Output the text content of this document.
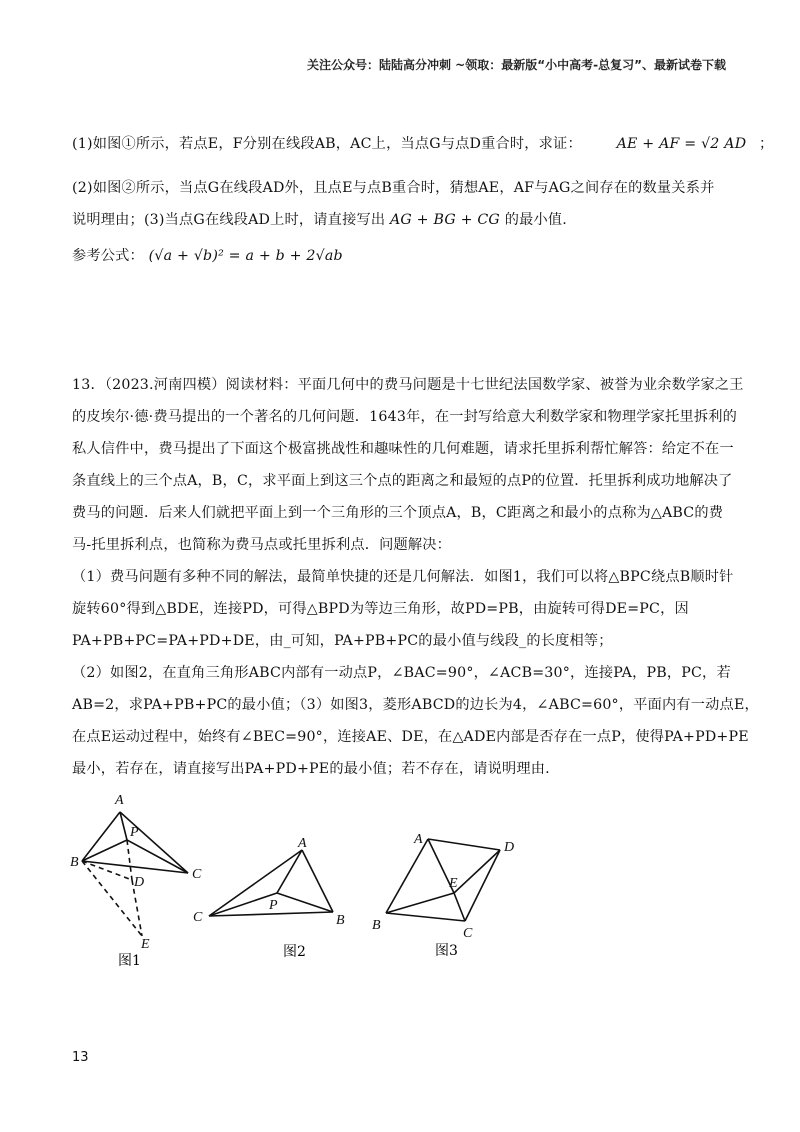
关注公众号：陆陆高分冲刺 ~领取：最新版“小中高考-总复习”、最新试卷下载
(1)如图①所示，若点E，F分别在线段AB，AC上，当点G与点D重合时，求证： AE + AF = √2 AD ；
(2)如图②所示，当点G在线段AD外，且点E与点B重合时，猜想AE，AF与AG之间存在的数量关系并
说明理由；(3)当点G在线段AD上时，请直接写出 AG + BG + CG 的最小值.
参考公式： (√a + √b)² = a + b + 2√ab
13．（2023.河南四模）阅读材料：平面几何中的费马问题是十七世纪法国数学家、被誉为业余数学家之王
的皮埃尔·德·费马提出的一个著名的几何问题．1643年，在一封写给意大利数学家和物理学家托里拆利的
私人信件中，费马提出了下面这个极富挑战性和趣味性的几何难题，请求托里拆利帮忙解答：给定不在一
条直线上的三个点A，B，C，求平面上到这三个点的距离之和最短的点P的位置．托里拆利成功地解决了
费马的问题．后来人们就把平面上到一个三角形的三个顶点A，B，C距离之和最小的点称为△ABC的费
马-托里拆利点，也简称为费马点或托里拆利点．问题解决：
（1）费马问题有多种不同的解法，最简单快捷的还是几何解法．如图1，我们可以将△BPC绕点B顺时针
旋转60°得到△BDE，连接PD，可得△BPD为等边三角形，故PD=PB，由旋转可得DE=PC，因
PA+PB+PC=PA+PD+DE，由_可知，PA+PB+PC的最小值与线段_的长度相等；
（2）如图2，在直角三角形ABC内部有一动点P，∠BAC=90°，∠ACB=30°，连接PA，PB，PC，若
AB=2，求PA+PB+PC的最小值；（3）如图3，菱形ABCD的边长为4，∠ABC=60°，平面内有一动点E，
在点E运动过程中，始终有∠BEC=90°，连接AE、DE，在△ADE内部是否存在一点P，使得PA+PD+PE
最小，若存在，请直接写出PA+PD+PE的最小值；若不存在，请说明理由.
A
B
C
P
D
E
图1
A
B
C
P
图2
A
B
C
D
E
图3
13
